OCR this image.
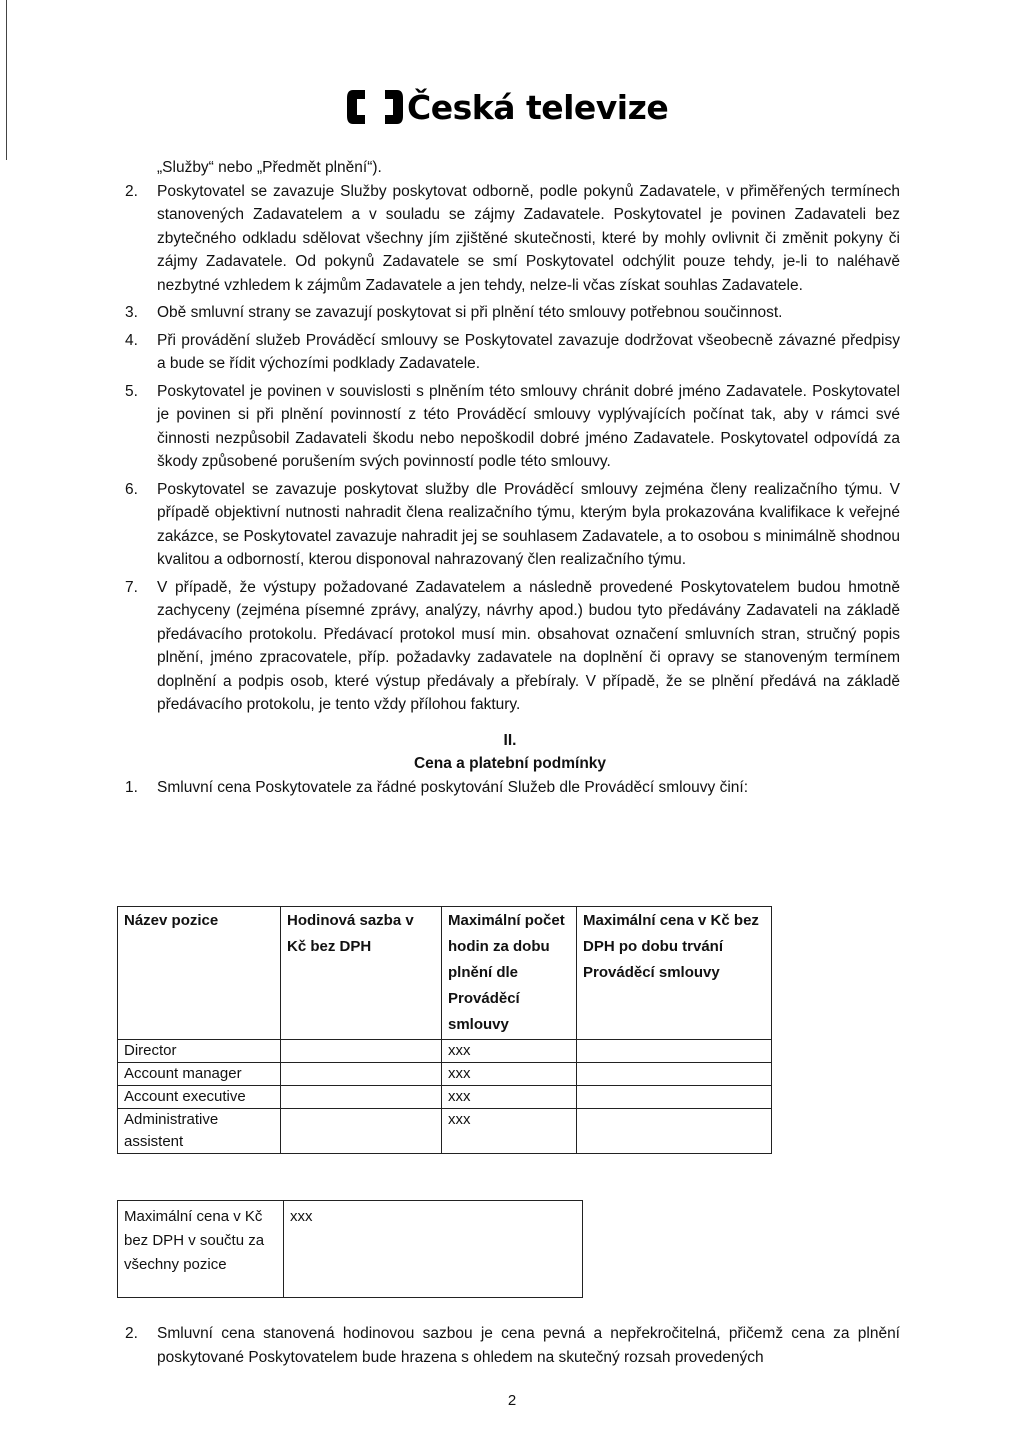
Česká televize

„Služby“ nebo „Předmět plnění“).

2. Poskytovatel se zavazuje Služby poskytovat odborně, podle pokynů Zadavatele, v přiměřených termínech stanovených Zadavatelem a v souladu se zájmy Zadavatele. Poskytovatel je povinen Zadavateli bez zbytečného odkladu sdělovat všechny jím zjištěné skutečnosti, které by mohly ovlivnit či změnit pokyny či zájmy Zadavatele. Od pokynů Zadavatele se smí Poskytovatel odchýlit pouze tehdy, je-li to naléhavě nezbytné vzhledem k zájmům Zadavatele a jen tehdy, nelze-li včas získat souhlas Zadavatele.

3. Obě smluvní strany se zavazují poskytovat si při plnění této smlouvy potřebnou součinnost.

4. Při provádění služeb Prováděcí smlouvy se Poskytovatel zavazuje dodržovat všeobecně závazné předpisy a bude se řídit výchozími podklady Zadavatele.

5. Poskytovatel je povinen v souvislosti s plněním této smlouvy chránit dobré jméno Zadavatele. Poskytovatel je povinen si při plnění povinností z této Prováděcí smlouvy vyplývajících počínat tak, aby v rámci své činnosti nezpůsobil Zadavateli škodu nebo nepoškodil dobré jméno Zadavatele. Poskytovatel odpovídá za škody způsobené porušením svých povinností podle této smlouvy.

6. Poskytovatel se zavazuje poskytovat služby dle Prováděcí smlouvy zejména členy realizačního týmu. V případě objektivní nutnosti nahradit člena realizačního týmu, kterým byla prokazována kvalifikace k veřejné zakázce, se Poskytovatel zavazuje nahradit jej se souhlasem Zadavatele, a to osobou s minimálně shodnou kvalitou a odborností, kterou disponoval nahrazovaný člen realizačního týmu.

7. V případě, že výstupy požadované Zadavatelem a následně provedené Poskytovatelem budou hmotně zachyceny (zejména písemné zprávy, analýzy, návrhy apod.) budou tyto předávány Zadavateli na základě předávacího protokolu. Předávací protokol musí min. obsahovat označení smluvních stran, stručný popis plnění, jméno zpracovatele, příp. požadavky zadavatele na doplnění či opravy se stanoveným termínem doplnění a podpis osob, které výstup předávaly a přebíraly. V případě, že se plnění předává na základě předávacího protokolu, je tento vždy přílohou faktury.

II.

Cena a platební podmínky

1. Smluvní cena Poskytovatele za řádné poskytování Služeb dle Prováděcí smlouvy činí:

Název pozice	Hodinová sazba v Kč bez DPH	Maximální počet hodin za dobu plnění dle Prováděcí smlouvy	Maximální cena v Kč bez DPH po dobu trvání Prováděcí smlouvy
Director		xxx	
Account manager		xxx	
Account executive		xxx	
Administrative assistent		xxx	
Maximální cena v Kč bez DPH v součtu za všechny pozice	xxx

2. Smluvní cena stanovená hodinovou sazbou je cena pevná a nepřekročitelná, přičemž cena za plnění poskytované Poskytovatelem bude hrazena s ohledem na skutečný rozsah provedených

2
